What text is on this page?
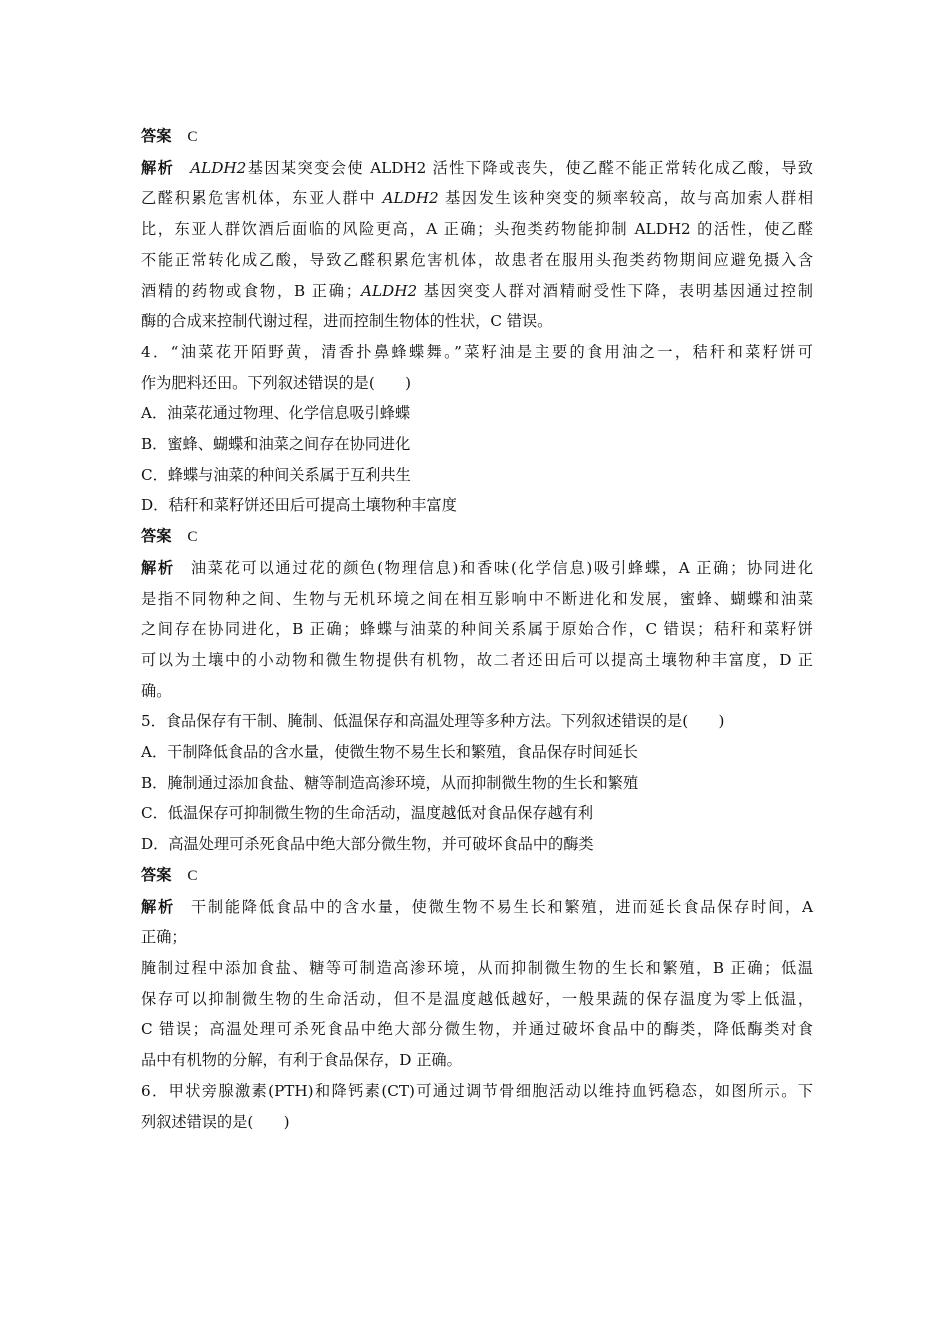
答案 C
解析 ALDH2基因某突变会使 ALDH2 活性下降或丧失，使乙醛不能正常转化成乙酸，导致
乙醛积累危害机体，东亚人群中 ALDH2 基因发生该种突变的频率较高，故与高加索人群相
比，东亚人群饮酒后面临的风险更高，A 正确；头孢类药物能抑制 ALDH2 的活性，使乙醛
不能正常转化成乙酸，导致乙醛积累危害机体，故患者在服用头孢类药物期间应避免摄入含
酒精的药物或食物，B 正确；ALDH2 基因突变人群对酒精耐受性下降，表明基因通过控制
酶的合成来控制代谢过程，进而控制生物体的性状，C 错误。
4．“油菜花开陌野黄，清香扑鼻蜂蝶舞。”菜籽油是主要的食用油之一，秸秆和菜籽饼可
作为肥料还田。下列叙述错误的是(　　)
A．油菜花通过物理、化学信息吸引蜂蝶
B．蜜蜂、蝴蝶和油菜之间存在协同进化
C．蜂蝶与油菜的种间关系属于互利共生
D．秸秆和菜籽饼还田后可提高土壤物种丰富度
答案 C
解析 油菜花可以通过花的颜色(物理信息)和香味(化学信息)吸引蜂蝶，A 正确；协同进化
是指不同物种之间、生物与无机环境之间在相互影响中不断进化和发展，蜜蜂、蝴蝶和油菜
之间存在协同进化，B 正确；蜂蝶与油菜的种间关系属于原始合作，C 错误；秸秆和菜籽饼
可以为土壤中的小动物和微生物提供有机物，故二者还田后可以提高土壤物种丰富度，D 正
确。
5．食品保存有干制、腌制、低温保存和高温处理等多种方法。下列叙述错误的是(　　)
A．干制降低食品的含水量，使微生物不易生长和繁殖，食品保存时间延长
B．腌制通过添加食盐、糖等制造高渗环境，从而抑制微生物的生长和繁殖
C．低温保存可抑制微生物的生命活动，温度越低对食品保存越有利
D．高温处理可杀死食品中绝大部分微生物，并可破坏食品中的酶类
答案 C
解析 干制能降低食品中的含水量，使微生物不易生长和繁殖，进而延长食品保存时间，A
正确；
腌制过程中添加食盐、糖等可制造高渗环境，从而抑制微生物的生长和繁殖，B 正确；低温
保存可以抑制微生物的生命活动，但不是温度越低越好，一般果蔬的保存温度为零上低温，
C 错误；高温处理可杀死食品中绝大部分微生物，并通过破坏食品中的酶类，降低酶类对食
品中有机物的分解，有利于食品保存，D 正确。
6．甲状旁腺激素(PTH)和降钙素(CT)可通过调节骨细胞活动以维持血钙稳态，如图所示。下
列叙述错误的是(　　)
